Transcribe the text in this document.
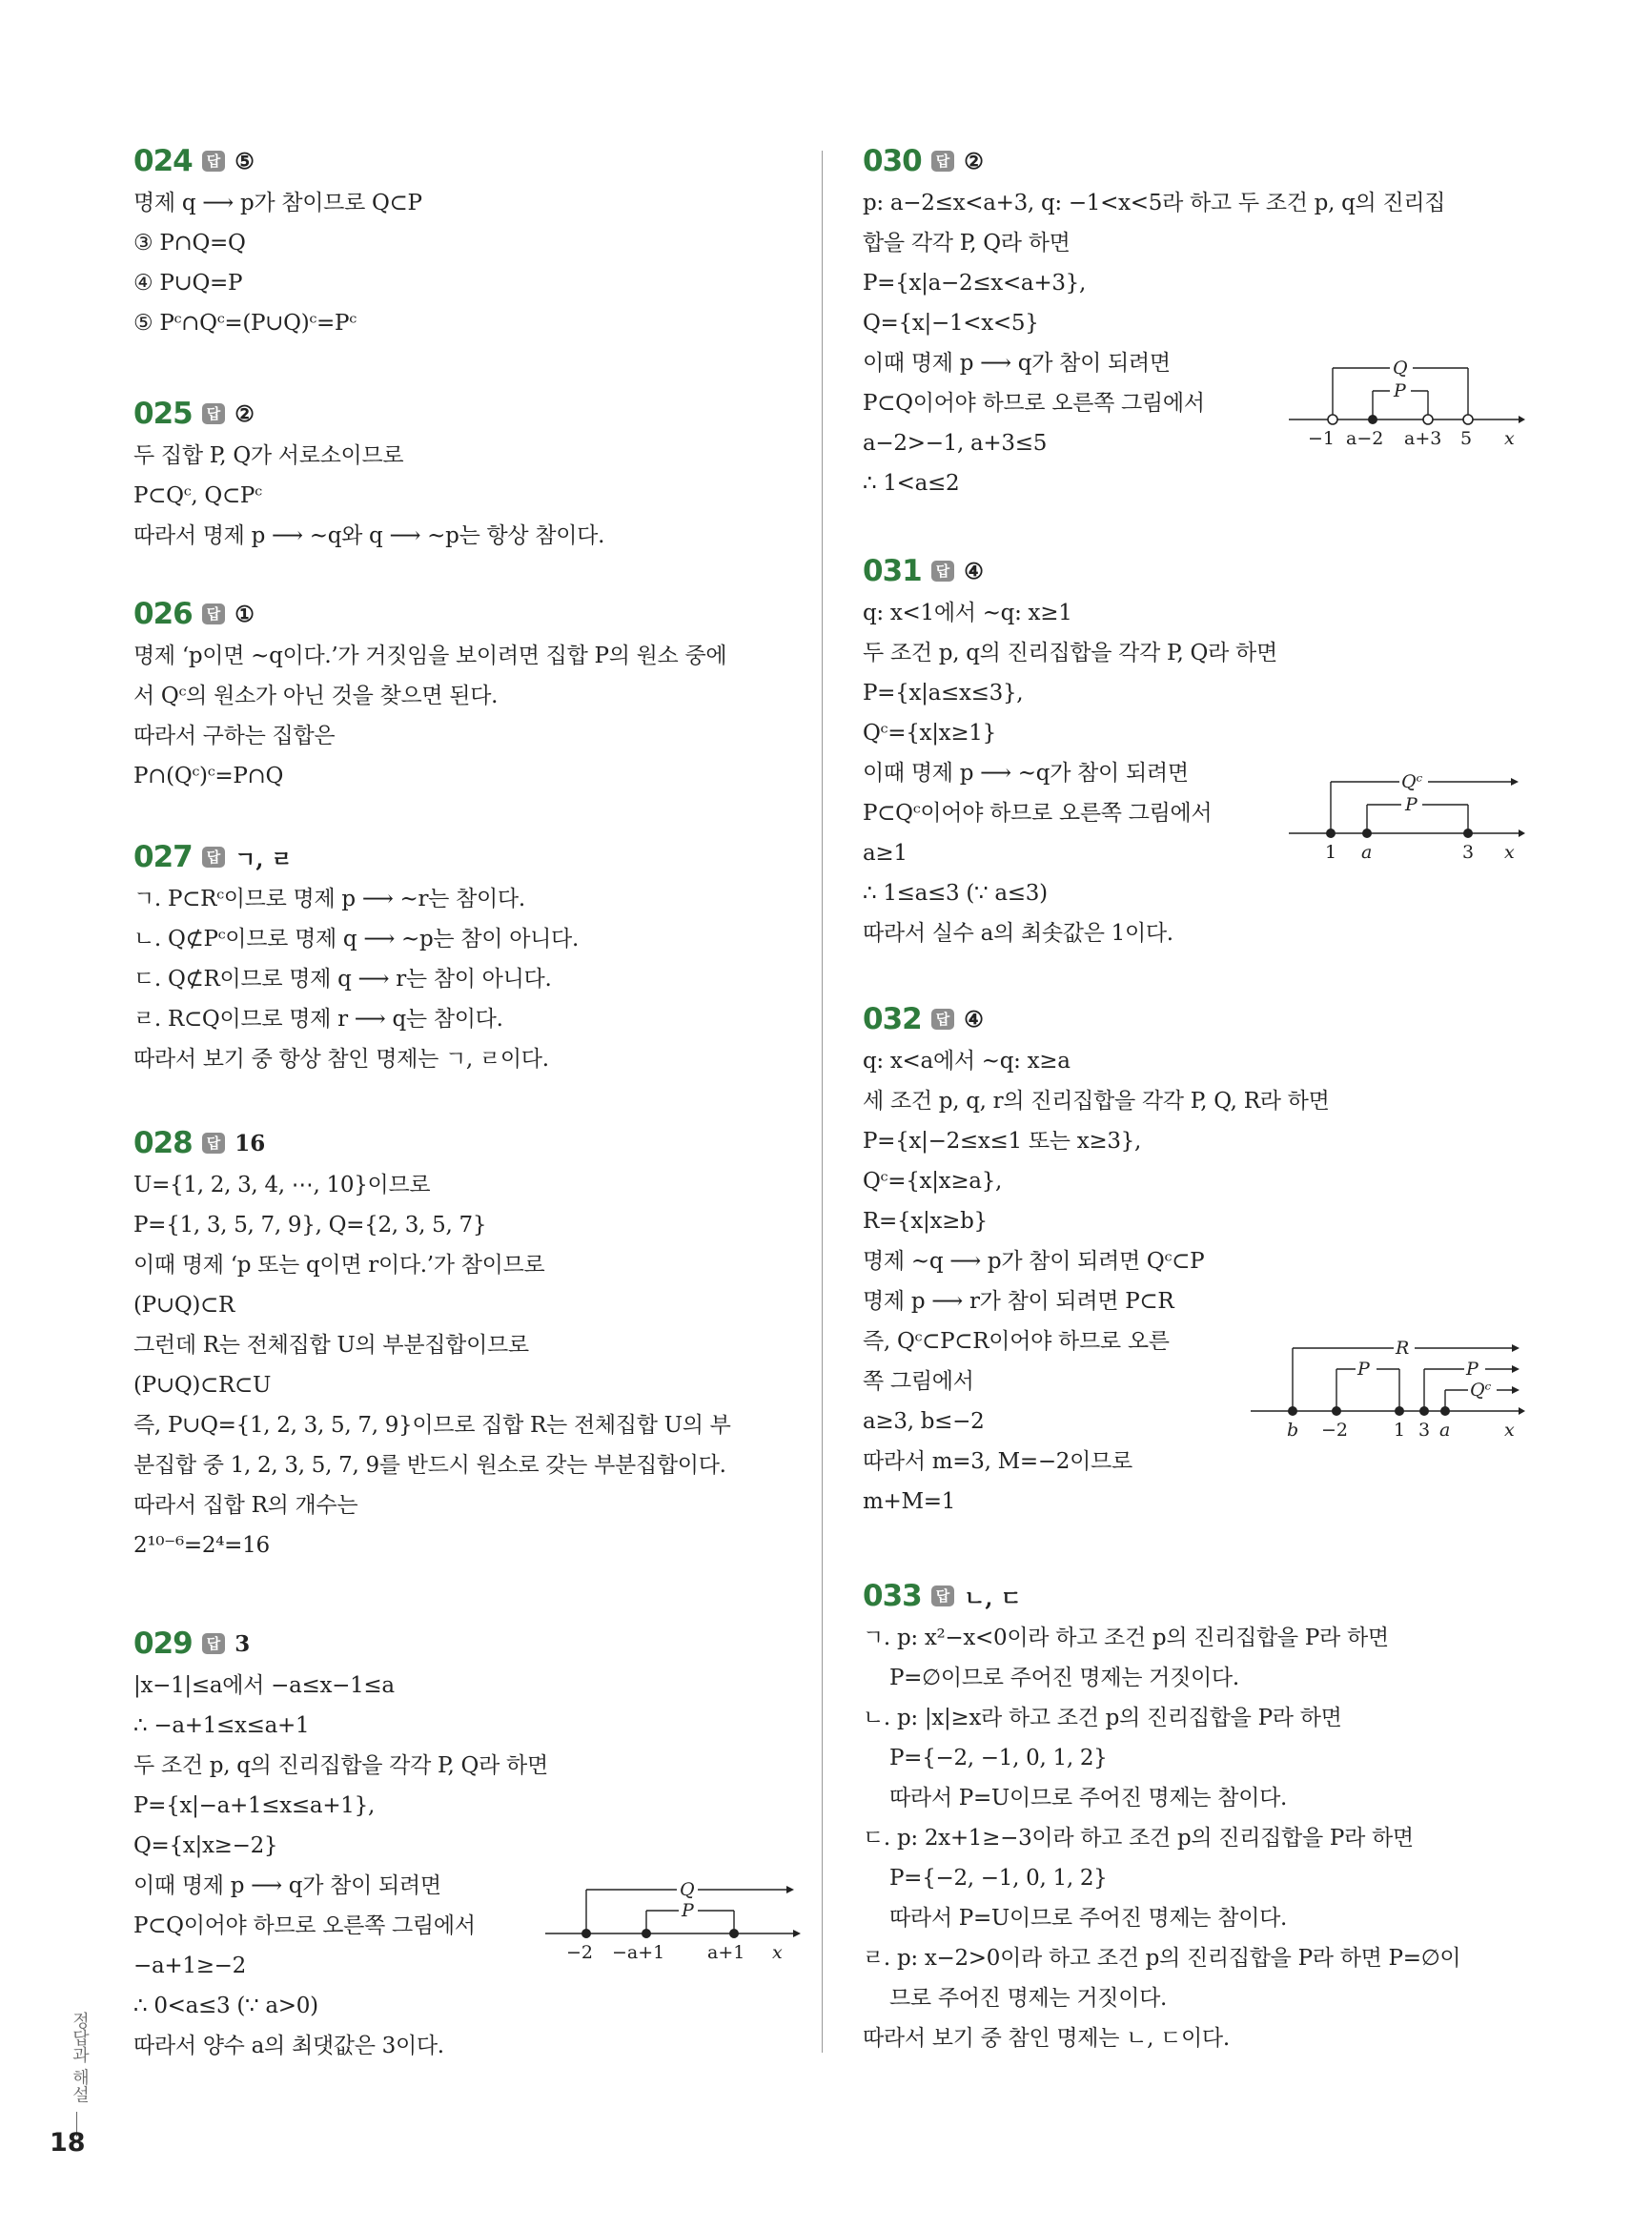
024	답 ⑤
명제 q ⟶ p가 참이므로 Q⊂P
③ P∩Q=Q
④ P∪Q=P
⑤ Pᶜ∩Qᶜ=(P∪Q)ᶜ=Pᶜ
025	답 ②
두 집합 P, Q가 서로소이므로
P⊂Qᶜ, Q⊂Pᶜ
따라서 명제 p ⟶ ~q와 q ⟶ ~p는 항상 참이다.
026	답 ①
명제 ‘p이면 ~q이다.’가 거짓임을 보이려면 집합 P의 원소 중에
서 Qᶜ의 원소가 아닌 것을 찾으면 된다.
따라서 구하는 집합은
P∩(Qᶜ)ᶜ=P∩Q
027	답 ㄱ, ㄹ
ㄱ. P⊂Rᶜ이므로 명제 p ⟶ ~r는 참이다.
ㄴ. Q⊄Pᶜ이므로 명제 q ⟶ ~p는 참이 아니다.
ㄷ. Q⊄R이므로 명제 q ⟶ r는 참이 아니다.
ㄹ. R⊂Q이므로 명제 r ⟶ q는 참이다.
따라서 보기 중 항상 참인 명제는 ㄱ, ㄹ이다.
028	답 16
U={1, 2, 3, 4, ⋯, 10}이므로
P={1, 3, 5, 7, 9}, Q={2, 3, 5, 7}
이때 명제 ‘p 또는 q이면 r이다.’가 참이므로
(P∪Q)⊂R
그런데 R는 전체집합 U의 부분집합이므로
(P∪Q)⊂R⊂U
즉, P∪Q={1, 2, 3, 5, 7, 9}이므로 집합 R는 전체집합 U의 부
분집합 중 1, 2, 3, 5, 7, 9를 반드시 원소로 갖는 부분집합이다.
따라서 집합 R의 개수는
2¹⁰⁻⁶=2⁴=16
029	답 3
|x−1|≤a에서 −a≤x−1≤a
∴ −a+1≤x≤a+1
두 조건 p, q의 진리집합을 각각 P, Q라 하면
P={x|−a+1≤x≤a+1},
Q={x|x≥−2}
이때 명제 p ⟶ q가 참이 되려면
P⊂Q이어야 하므로 오른쪽 그림에서
−a+1≥−2
∴ 0<a≤3 (∵ a>0)
따라서 양수 a의 최댓값은 3이다.
030	답 ②
p: a−2≤x<a+3, q: −1<x<5라 하고 두 조건 p, q의 진리집
합을 각각 P, Q라 하면
P={x|a−2≤x<a+3},
Q={x|−1<x<5}
이때 명제 p ⟶ q가 참이 되려면
P⊂Q이어야 하므로 오른쪽 그림에서
a−2>−1, a+3≤5
∴ 1<a≤2
031	답 ④
q: x<1에서 ~q: x≥1
두 조건 p, q의 진리집합을 각각 P, Q라 하면
P={x|a≤x≤3},
Qᶜ={x|x≥1}
이때 명제 p ⟶ ~q가 참이 되려면
P⊂Qᶜ이어야 하므로 오른쪽 그림에서
a≥1
∴ 1≤a≤3 (∵ a≤3)
따라서 실수 a의 최솟값은 1이다.
032	답 ④
q: x<a에서 ~q: x≥a
세 조건 p, q, r의 진리집합을 각각 P, Q, R라 하면
P={x|−2≤x≤1 또는 x≥3},
Qᶜ={x|x≥a},
R={x|x≥b}
명제 ~q ⟶ p가 참이 되려면 Qᶜ⊂P
명제 p ⟶ r가 참이 되려면 P⊂R
즉, Qᶜ⊂P⊂R이어야 하므로 오른
쪽 그림에서
a≥3, b≤−2
따라서 m=3, M=−2이므로
m+M=1
033	답 ㄴ, ㄷ
ㄱ. p: x²−x<0이라 하고 조건 p의 진리집합을 P라 하면
P=∅이므로 주어진 명제는 거짓이다.
ㄴ. p: |x|≥x라 하고 조건 p의 진리집합을 P라 하면
P={−2, −1, 0, 1, 2}
따라서 P=U이므로 주어진 명제는 참이다.
ㄷ. p: 2x+1≥−3이라 하고 조건 p의 진리집합을 P라 하면
P={−2, −1, 0, 1, 2}
따라서 P=U이므로 주어진 명제는 참이다.
ㄹ. p: x−2>0이라 하고 조건 p의 진리집합을 P라 하면 P=∅이
므로 주어진 명제는 거짓이다.
따라서 보기 중 참인 명제는 ㄴ, ㄷ이다.
Q
P
−2 −a+1 a+1 x
Q
P
−1 a−2 a+3 5 x
Qᶜ
P
1 a	3 x
R
P	P
Qᶜ
b −2	1 3 a	x
정답과 해설
18
